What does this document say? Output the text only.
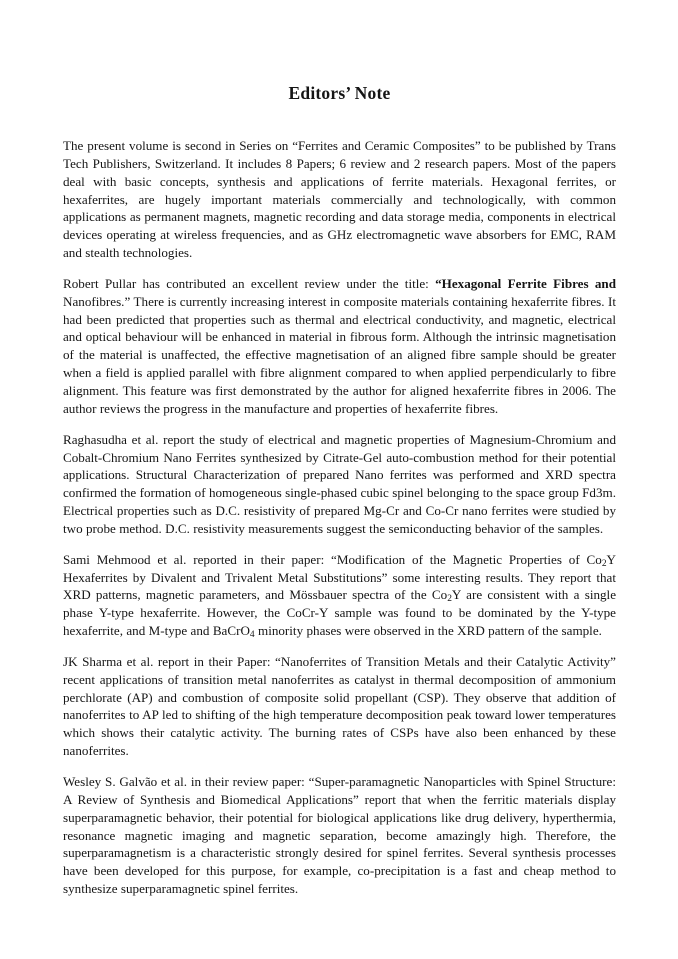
Editors’ Note

The present volume is second in Series on “Ferrites and Ceramic Composites” to be published by Trans Tech Publishers, Switzerland. It includes 8 Papers; 6 review and 2 research papers. Most of the papers deal with basic concepts, synthesis and applications of ferrite materials. Hexagonal ferrites, or hexaferrites, are hugely important materials commercially and technologically, with common applications as permanent magnets, magnetic recording and data storage media, components in electrical devices operating at wireless frequencies, and as GHz electromagnetic wave absorbers for EMC, RAM and stealth technologies.

Robert Pullar has contributed an excellent review under the title: “Hexagonal Ferrite Fibres and Nanofibres.” There is currently increasing interest in composite materials containing hexaferrite fibres. It had been predicted that properties such as thermal and electrical conductivity, and magnetic, electrical and optical behaviour will be enhanced in material in fibrous form. Although the intrinsic magnetisation of the material is unaffected, the effective magnetisation of an aligned fibre sample should be greater when a field is applied parallel with fibre alignment compared to when applied perpendicularly to fibre alignment. This feature was first demonstrated by the author for aligned hexaferrite fibres in 2006. The author reviews the progress in the manufacture and properties of hexaferrite fibres.

Raghasudha et al. report the study of electrical and magnetic properties of Magnesium-Chromium and Cobalt-Chromium Nano Ferrites synthesized by Citrate-Gel auto-combustion method for their potential applications. Structural Characterization of prepared Nano ferrites was performed and XRD spectra confirmed the formation of homogeneous single-phased cubic spinel belonging to the space group Fd3m. Electrical properties such as D.C. resistivity of prepared Mg-Cr and Co-Cr nano ferrites were studied by two probe method. D.C. resistivity measurements suggest the semiconducting behavior of the samples.

Sami Mehmood et al. reported in their paper: “Modification of the Magnetic Properties of $Co_2Y$ Hexaferrites by Divalent and Trivalent Metal Substitutions” some interesting results. They report that XRD patterns, magnetic parameters, and Mössbauer spectra of the $Co_2Y$ are consistent with a single phase Y-type hexaferrite. However, the CoCr-Y sample was found to be dominated by the Y-type hexaferrite, and M-type and BaCrO$_4$ minority phases were observed in the XRD pattern of the sample.

JK Sharma et al. report in their Paper: “Nanoferrites of Transition Metals and their Catalytic Activity” recent applications of transition metal nanoferrites as catalyst in thermal decomposition of ammonium perchlorate (AP) and combustion of composite solid propellant (CSP). They observe that addition of nanoferrites to AP led to shifting of the high temperature decomposition peak toward lower temperatures which shows their catalytic activity. The burning rates of CSPs have also been enhanced by these nanoferrites.

Wesley S. Galvão et al. in their review paper: “Super-paramagnetic Nanoparticles with Spinel Structure: A Review of Synthesis and Biomedical Applications” report that when the ferritic materials display superparamagnetic behavior, their potential for biological applications like drug delivery, hyperthermia, resonance magnetic imaging and magnetic separation, become amazingly high. Therefore, the superparamagnetism is a characteristic strongly desired for spinel ferrites. Several synthesis processes have been developed for this purpose, for example, co-precipitation is a fast and cheap method to synthesize superparamagnetic spinel ferrites.
